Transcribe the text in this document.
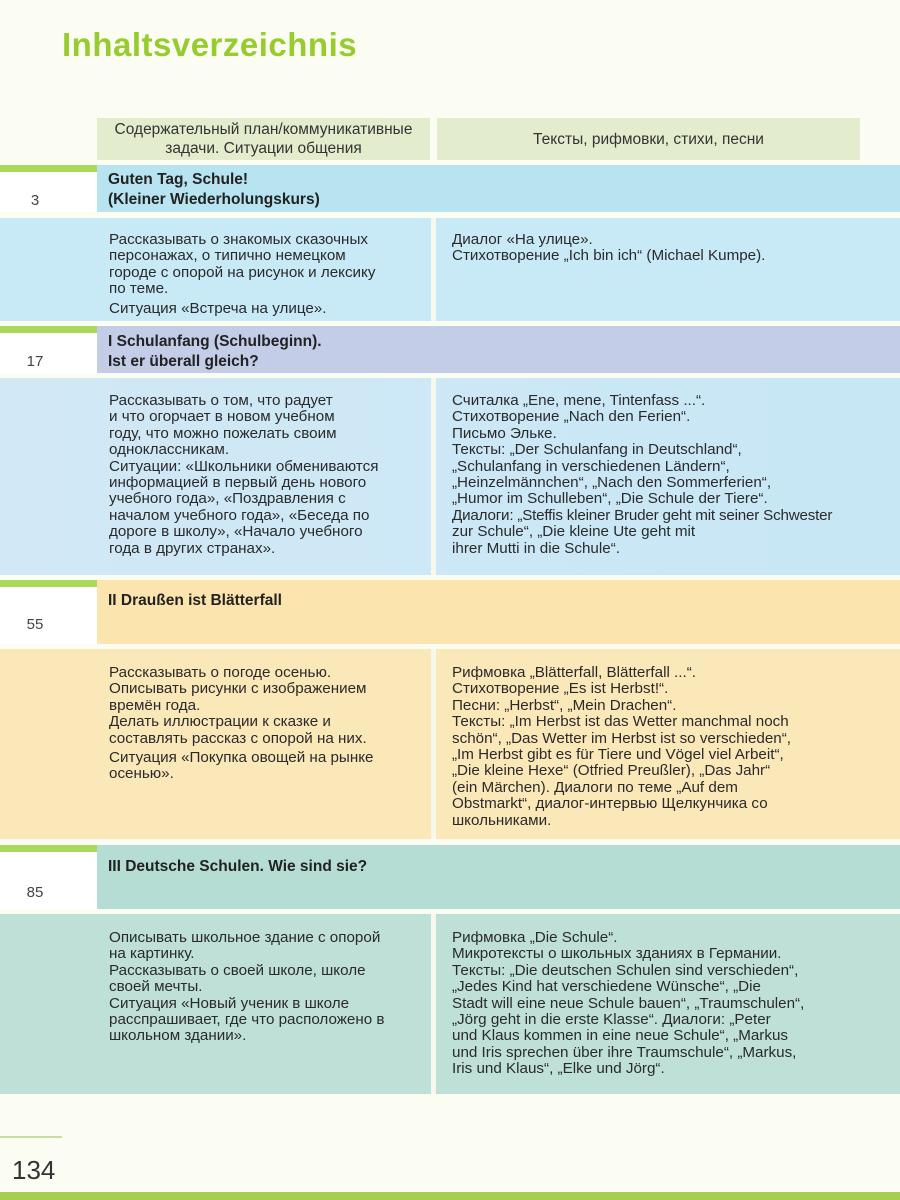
Inhaltsverzeichnis
Содержательный план/коммуникативные задачи. Ситуации общения
Тексты, рифмовки, стихи, песни
3
Guten Tag, Schule!
(Kleiner Wiederholungskurs)
Рассказывать о знакомых сказочных
персонажах, о типично немецком
городе с опорой на рисунок и лексику
по теме.
Ситуация «Встреча на улице».
Диалог «На улице».
Стихотворение „Ich bin ich“ (Michael Kumpe).
17
I Schulanfang (Schulbeginn).
Ist er überall gleich?
Рассказывать о том, что радует
и что огорчает в новом учебном
году, что можно пожелать своим
одноклассникам.
Ситуации: «Школьники обмениваются
информацией в первый день нового
учебного года», «Поздравления с
началом учебного года», «Беседа по
дороге в школу», «Начало учебного
года в других странах».
Считалка „Ene, mene, Tintenfass ...“.
Стихотворение „Nach den Ferien“.
Письмо Эльке.
Тексты: „Der Schulanfang in Deutschland“,
„Schulanfang in verschiedenen Ländern“,
„Heinzelmännchen“, „Nach den Sommerferien“,
„Humor im Schulleben“, „Die Schule der Tiere“.
Диалоги: „Steffis kleiner Bruder geht mit seiner Schwester
zur Schule“, „Die kleine Ute geht mit
ihrer Mutti in die Schule“.
55
II Draußen ist Blätterfall
Рассказывать о погоде осенью.
Описывать рисунки с изображением
времён года.
Делать иллюстрации к сказке и
составлять рассказ с опорой на них.
Ситуация «Покупка овощей на рынке
осенью».
Рифмовка „Blätterfall, Blätterfall ...“.
Стихотворение „Es ist Herbst!“.
Песни: „Herbst“, „Mein Drachen“.
Тексты: „Im Herbst ist das Wetter manchmal noch
schön“, „Das Wetter im Herbst ist so verschieden“,
„Im Herbst gibt es für Tiere und Vögel viel Arbeit“,
„Die kleine Hexe“ (Otfried Preußler), „Das Jahr“
(ein Märchen). Диалоги по теме „Auf dem
Obstmarkt“, диалог-интервью Щелкунчика со
школьниками.
85
III Deutsche Schulen. Wie sind sie?
Описывать школьное здание с опорой
на картинку.
Рассказывать о своей школе, школе
своей мечты.
Ситуация «Новый ученик в школе
расспрашивает, где что расположено в
школьном здании».
Рифмовка „Die Schule“.
Микротексты о школьных зданиях в Германии.
Тексты: „Die deutschen Schulen sind verschieden“,
„Jedes Kind hat verschiedene Wünsche“, „Die
Stadt will eine neue Schule bauen“, „Traumschulen“,
„Jörg geht in die erste Klasse“. Диалоги: „Peter
und Klaus kommen in eine neue Schule“, „Markus
und Iris sprechen über ihre Traumschule“, „Markus,
Iris und Klaus“, „Elke und Jörg“.
134
